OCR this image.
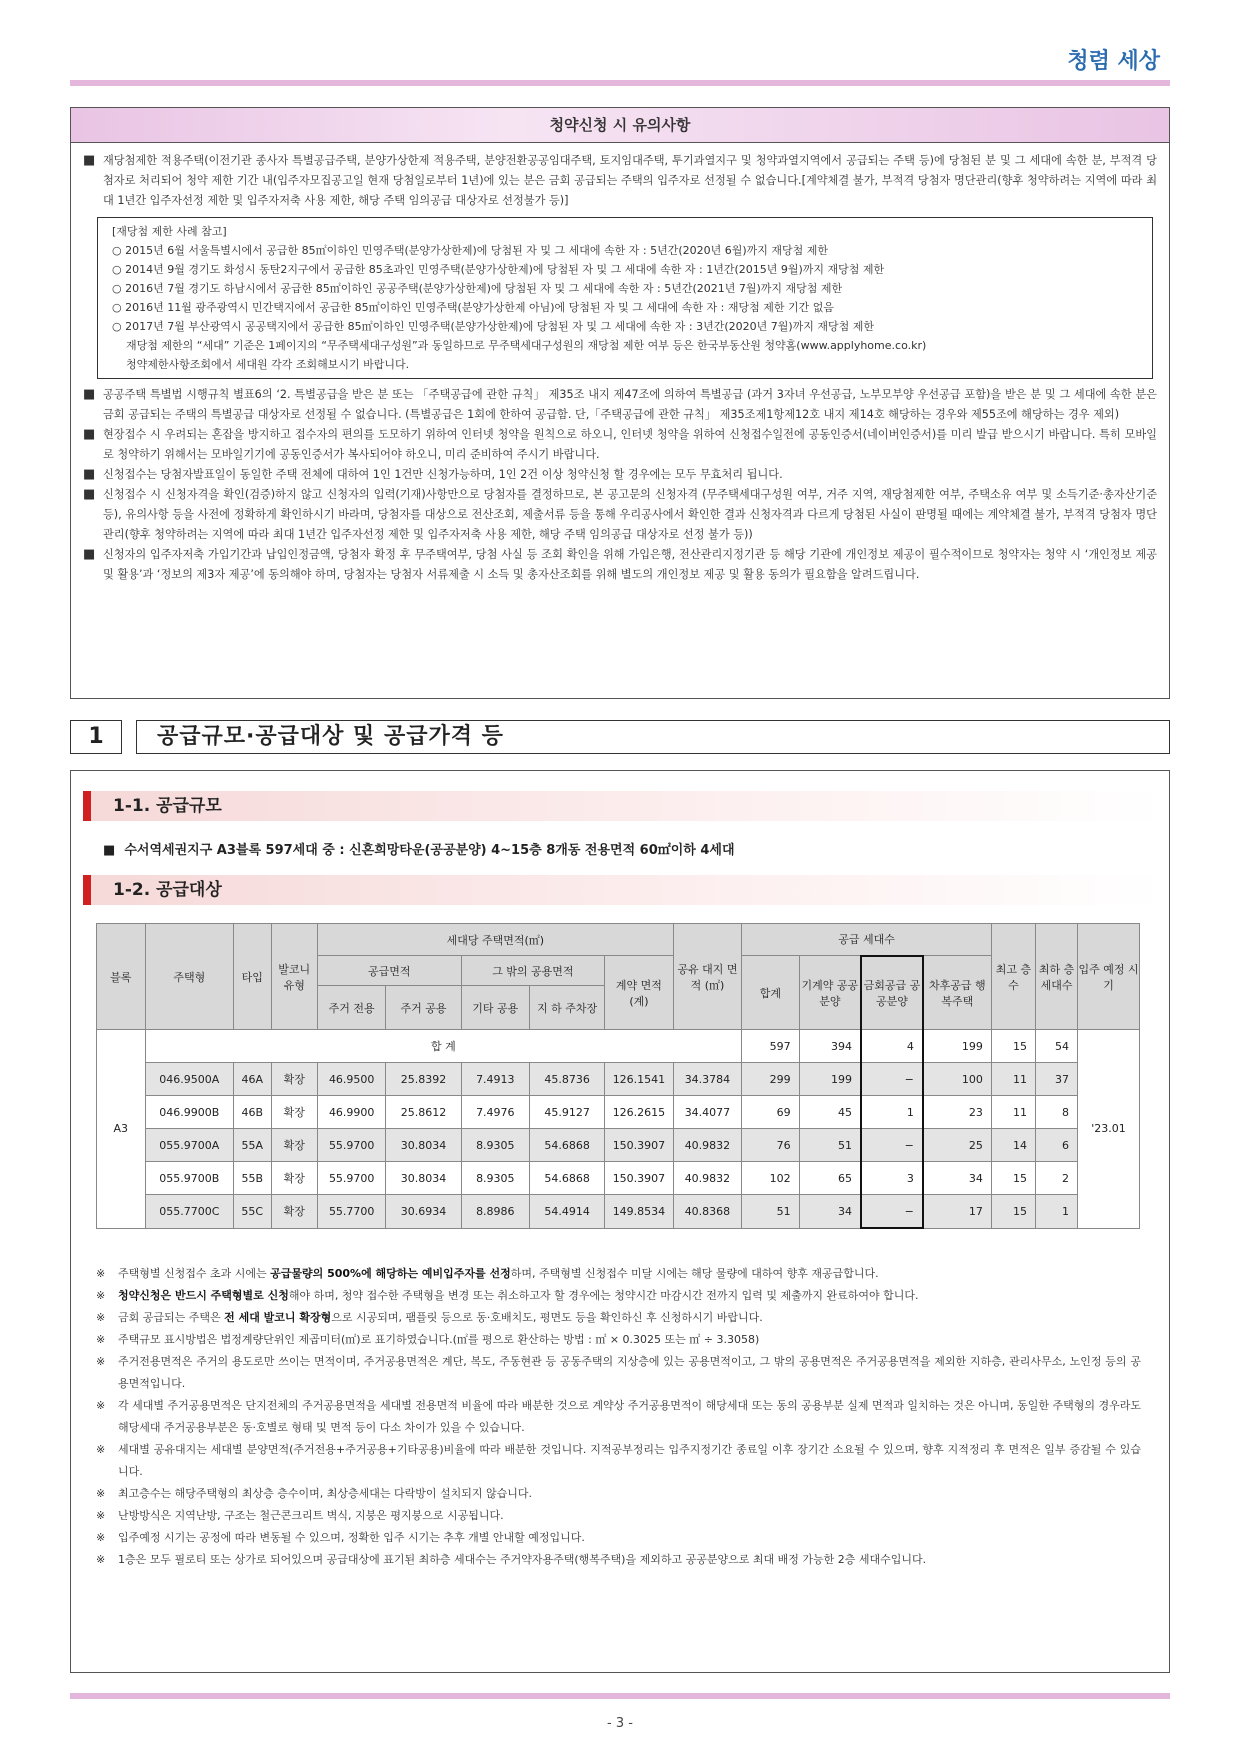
청렴 세상
청약신청 시 유의사항
■ 재당첨제한 적용주택(이전기관 종사자 특별공급주택, 분양가상한제 적용주택, 분양전환공공임대주택, 토지임대주택, 투기과열지구 및 청약과열지역에서 공급되는 주택 등)에 당첨된 분 및 그 세대에 속한 분, 부적격 당첨자로 처리되어 청약 제한 기간 내(입주자모집공고일 현재 당첨일로부터 1년)에 있는 분은 금회 공급되는 주택의 입주자로 선정될 수 없습니다.[계약체결 불가, 부적격 당첨자 명단관리(향후 청약하려는 지역에 따라 최대 1년간 입주자선정 제한 및 입주자저축 사용 제한, 해당 주택 임의공급 대상자로 선정불가 등)]
[재당첨 제한 사례 참고]
○ 2015년 6월 서울특별시에서 공급한 85㎡이하인 민영주택(분양가상한제)에 당첨된 자 및 그 세대에 속한 자 : 5년간(2020년 6월)까지 재당첨 제한
○ 2014년 9월 경기도 화성시 동탄2지구에서 공급한 85초과인 민영주택(분양가상한제)에 당첨된 자 및 그 세대에 속한 자 : 1년간(2015년 9월)까지 재당첨 제한
○ 2016년 7월 경기도 하남시에서 공급한 85㎡이하인 공공주택(분양가상한제)에 당첨된 자 및 그 세대에 속한 자 : 5년간(2021년 7월)까지 재당첨 제한
○ 2016년 11월 광주광역시 민간택지에서 공급한 85㎡이하인 민영주택(분양가상한제 아님)에 당첨된 자 및 그 세대에 속한 자 : 재당첨 제한 기간 없음
○ 2017년 7월 부산광역시 공공택지에서 공급한 85㎡이하인 민영주택(분양가상한제)에 당첨된 자 및 그 세대에 속한 자 : 3년간(2020년 7월)까지 재당첨 제한
재당첨 제한의 “세대” 기준은 1페이지의 “무주택세대구성원”과 동일하므로 무주택세대구성원의 재당첨 제한 여부 등은 한국부동산원 청약홈(www.applyhome.co.kr)
청약제한사항조회에서 세대원 각각 조회해보시기 바랍니다.
■ 공공주택 특별법 시행규칙 별표6의 ‘2. 특별공급을 받은 분 또는 「주택공급에 관한 규칙」 제35조 내지 제47조에 의하여 특별공급 (과거 3자녀 우선공급, 노부모부양 우선공급 포함)을 받은 분 및 그 세대에 속한 분은 금회 공급되는 주택의 특별공급 대상자로 선정될 수 없습니다. (특별공급은 1회에 한하여 공급함. 단,「주택공급에 관한 규칙」 제35조제1항제12호 내지 제14호 해당하는 경우와 제55조에 해당하는 경우 제외)
■ 현장접수 시 우려되는 혼잡을 방지하고 접수자의 편의를 도모하기 위하여 인터넷 청약을 원칙으로 하오니, 인터넷 청약을 위하여 신청접수일전에 공동인증서(네이버인증서)를 미리 발급 받으시기 바랍니다. 특히 모바일로 청약하기 위해서는 모바일기기에 공동인증서가 복사되어야 하오니, 미리 준비하여 주시기 바랍니다.
■ 신청접수는 당첨자발표일이 동일한 주택 전체에 대하여 1인 1건만 신청가능하며, 1인 2건 이상 청약신청 할 경우에는 모두 무효처리 됩니다.
■ 신청접수 시 신청자격을 확인(검증)하지 않고 신청자의 입력(기재)사항만으로 당첨자를 결정하므로, 본 공고문의 신청자격 (무주택세대구성원 여부, 거주 지역, 재당첨제한 여부, 주택소유 여부 및 소득기준·총자산기준 등), 유의사항 등을 사전에 정확하게 확인하시기 바라며, 당첨자를 대상으로 전산조회, 제출서류 등을 통해 우리공사에서 확인한 결과 신청자격과 다르게 당첨된 사실이 판명될 때에는 계약체결 불가, 부적격 당첨자 명단관리(향후 청약하려는 지역에 따라 최대 1년간 입주자선정 제한 및 입주자저축 사용 제한, 해당 주택 임의공급 대상자로 선정 불가 등))
■ 신청자의 입주자저축 가입기간과 납입인정금액, 당첨자 확정 후 무주택여부, 당첨 사실 등 조회 확인을 위해 가입은행, 전산관리지정기관 등 해당 기관에 개인정보 제공이 필수적이므로 청약자는 청약 시 ‘개인정보 제공 및 활용’과 ‘정보의 제3자 제공’에 동의해야 하며, 당첨자는 당첨자 서류제출 시 소득 및 총자산조회를 위해 별도의 개인정보 제공 및 활용 동의가 필요함을 알려드립니다.
1	공급규모·공급대상 및 공급가격 등
1-1. 공급규모
■  수서역세권지구 A3블록 597세대 중 : 신혼희망타운(공공분양) 4~15층 8개동 전용면적 60㎡이하 4세대
1-2. 공급대상
블록	주택형	타입	발코니 유형	세대당 주택면적(㎡)					공유 대지 면적 (㎡)	공급 세대수				최고 층수	최하 층 세대수	입주 예정 시기
				공급면적		그 밖의 공용면적		계약 면적 (계)		합계	기계약 공공분양	금회공급 공공분양	차후공급 행복주택			
				주거 전용	주거 공용	기타 공용	지 하 주차장									
A3	합 계									597	394	4	199	15	54	'23.01
	046.9500A	46A	확장	46.9500	25.8392	7.4913	45.8736	126.1541	34.3784	299	199	−	100	11	37	
	046.9900B	46B	확장	46.9900	25.8612	7.4976	45.9127	126.2615	34.4077	69	45	1	23	11	8	
	055.9700A	55A	확장	55.9700	30.8034	8.9305	54.6868	150.3907	40.9832	76	51	−	25	14	6	
	055.9700B	55B	확장	55.9700	30.8034	8.9305	54.6868	150.3907	40.9832	102	65	3	34	15	2	
	055.7700C	55C	확장	55.7700	30.6934	8.8986	54.4914	149.8534	40.8368	51	34	−	17	15	1	
※ 주택형별 신청접수 초과 시에는 공급물량의 500%에 해당하는 예비입주자를 선정하며, 주택형별 신청접수 미달 시에는 해당 물량에 대하여 향후 재공급합니다.
※ 청약신청은 반드시 주택형별로 신청해야 하며, 청약 접수한 주택형을 변경 또는 취소하고자 할 경우에는 청약시간 마감시간 전까지 입력 및 제출까지 완료하여야 합니다.
※ 금회 공급되는 주택은 전 세대 발코니 확장형으로 시공되며, 팸플릿 등으로 동·호배치도, 평면도 등을 확인하신 후 신청하시기 바랍니다.
※ 주택규모 표시방법은 법정계량단위인 제곱미터(㎡)로 표기하였습니다.(㎡를 평으로 환산하는 방법 : ㎡ × 0.3025 또는 ㎡ ÷ 3.3058)
※ 주거전용면적은 주거의 용도로만 쓰이는 면적이며, 주거공용면적은 계단, 복도, 주동현관 등 공동주택의 지상층에 있는 공용면적이고, 그 밖의 공용면적은 주거공용면적을 제외한 지하층, 관리사무소, 노인정 등의 공용면적입니다.
※ 각 세대별 주거공용면적은 단지전체의 주거공용면적을 세대별 전용면적 비율에 따라 배분한 것으로 계약상 주거공용면적이 해당세대 또는 동의 공용부분 실제 면적과 일치하는 것은 아니며, 동일한 주택형의 경우라도 해당세대 주거공용부분은 동·호별로 형태 및 면적 등이 다소 차이가 있을 수 있습니다.
※ 세대별 공유대지는 세대별 분양면적(주거전용+주거공용+기타공용)비율에 따라 배분한 것입니다. 지적공부정리는 입주지정기간 종료일 이후 장기간 소요될 수 있으며, 향후 지적정리 후 면적은 일부 증감될 수 있습니다.
※ 최고층수는 해당주택형의 최상층 층수이며, 최상층세대는 다락방이 설치되지 않습니다.
※ 난방방식은 지역난방, 구조는 철근콘크리트 벽식, 지붕은 평지붕으로 시공됩니다.
※ 입주예정 시기는 공정에 따라 변동될 수 있으며, 정확한 입주 시기는 추후 개별 안내할 예정입니다.
※ 1층은 모두 필로티 또는 상가로 되어있으며 공급대상에 표기된 최하층 세대수는 주거약자용주택(행복주택)을 제외하고 공공분양으로 최대 배정 가능한 2층 세대수입니다.
- 3 -
